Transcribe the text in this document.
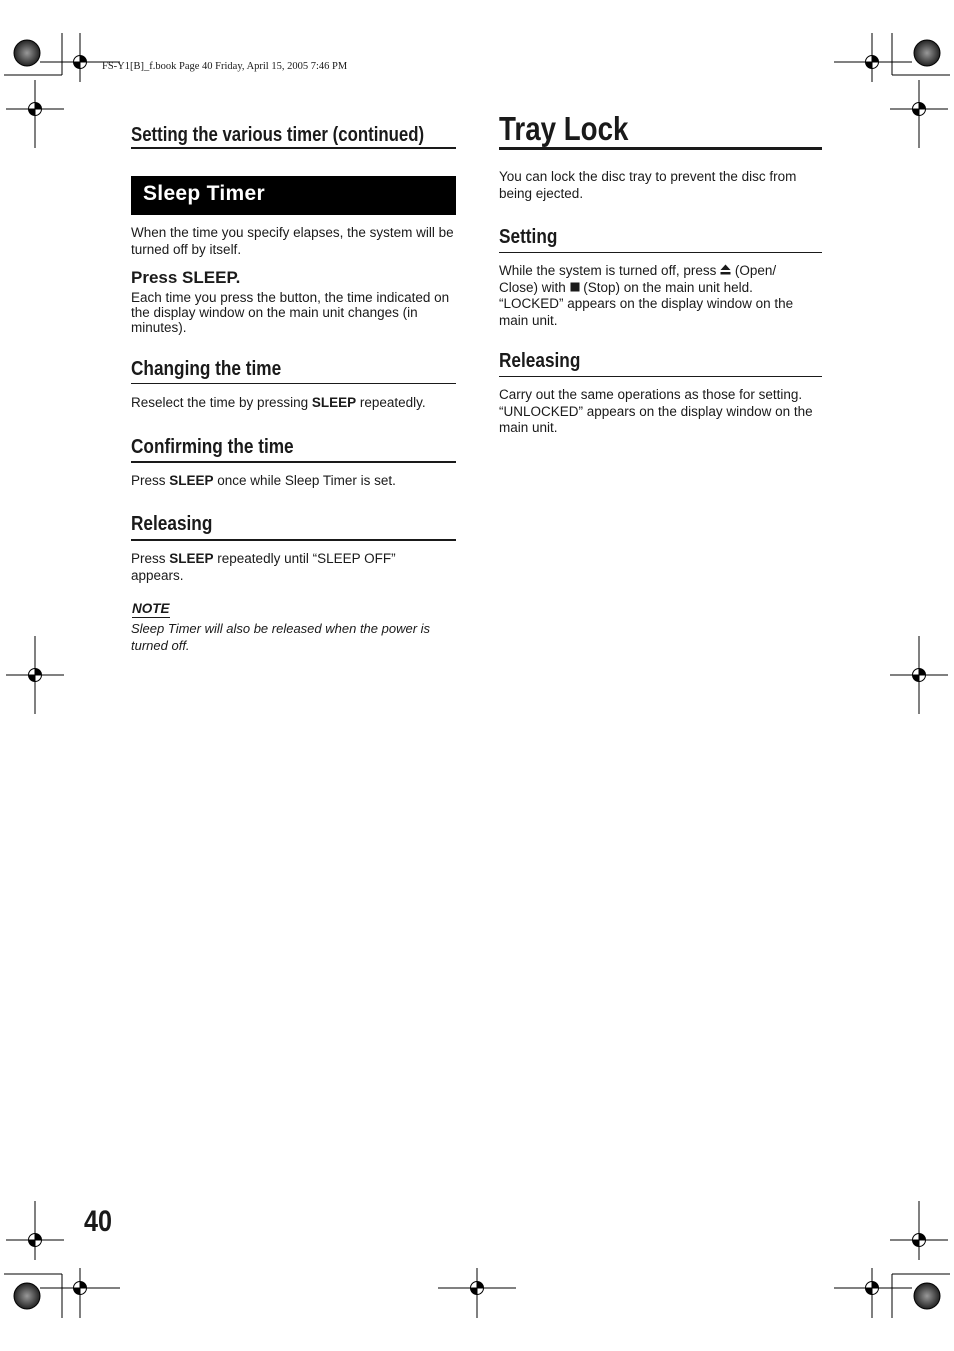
FS-Y1[B]_f.book Page 40 Friday, April 15, 2005 7:46 PM
Setting the various timer (continued)
Sleep Timer
When the time you specify elapses, the system will be turned off by itself.
Press SLEEP.
Each time you press the button, the time indicated on the display window on the main unit changes (in minutes).
Changing the time
Reselect the time by pressing SLEEP repeatedly.
Confirming the time
Press SLEEP once while Sleep Timer is set.
Releasing
Press SLEEP repeatedly until “SLEEP OFF” appears.
NOTE
Sleep Timer will also be released when the power is turned off.
Tray Lock
You can lock the disc tray to prevent the disc from being ejected.
Setting
While the system is turned off, press  (Open/
Close) with  (Stop) on the main unit held.
“LOCKED” appears on the display window on the main unit.
Releasing
Carry out the same operations as those for setting.
“UNLOCKED” appears on the display window on the main unit.
40
